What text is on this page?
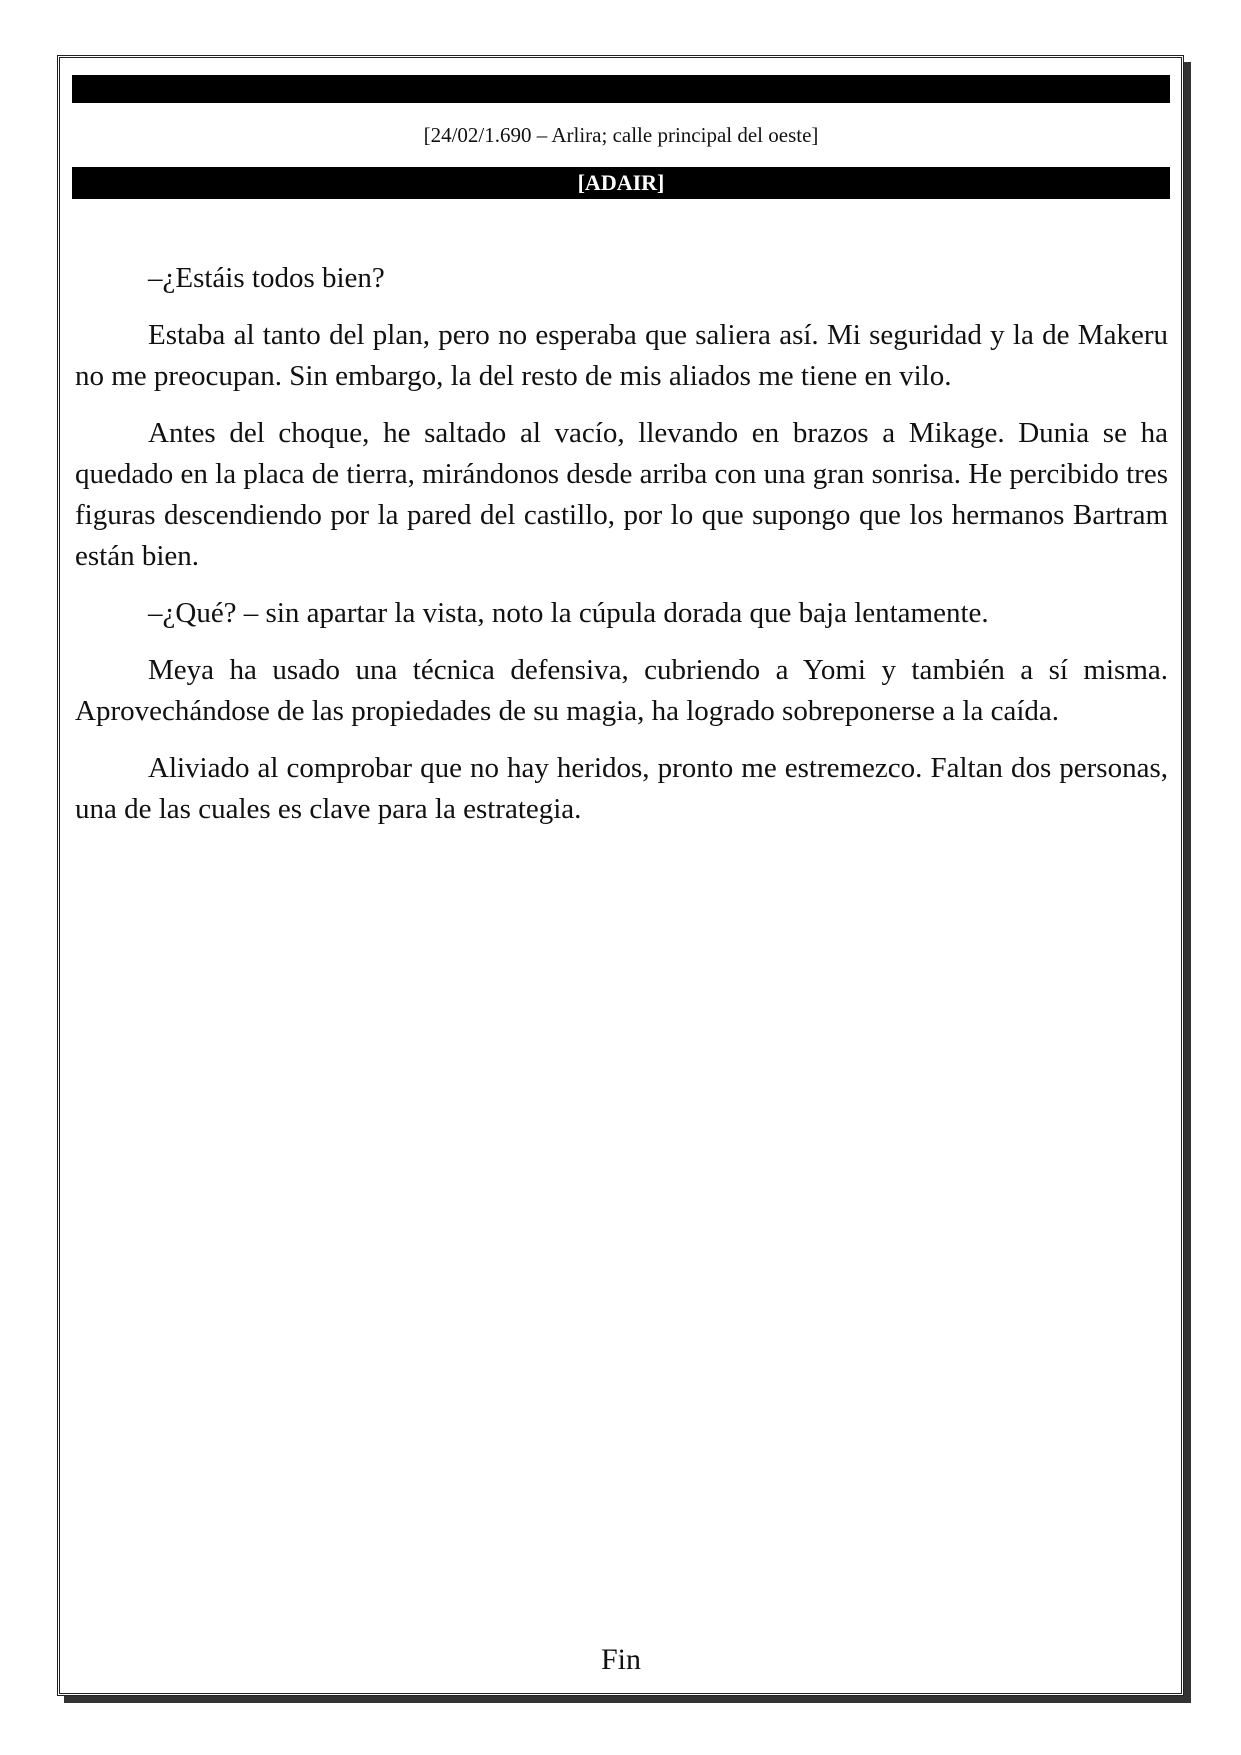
[24/02/1.690 – Arlira; calle principal del oeste]
[ADAIR]

–¿Estáis todos bien?

Estaba al tanto del plan, pero no esperaba que saliera así. Mi seguridad y la de Makeru no me preocupan. Sin embargo, la del resto de mis aliados me tiene en vilo.

Antes del choque, he saltado al vacío, llevando en brazos a Mikage. Dunia se ha quedado en la placa de tierra, mirándonos desde arriba con una gran sonrisa. He percibido tres figuras descendiendo por la pared del castillo, por lo que supongo que los hermanos Bartram están bien.

–¿Qué? – sin apartar la vista, noto la cúpula dorada que baja lentamente.

Meya ha usado una técnica defensiva, cubriendo a Yomi y también a sí misma. Aprovechándose de las propiedades de su magia, ha logrado sobreponerse a la caída.

Aliviado al comprobar que no hay heridos, pronto me estremezco. Faltan dos personas, una de las cuales es clave para la estrategia.

Fin
